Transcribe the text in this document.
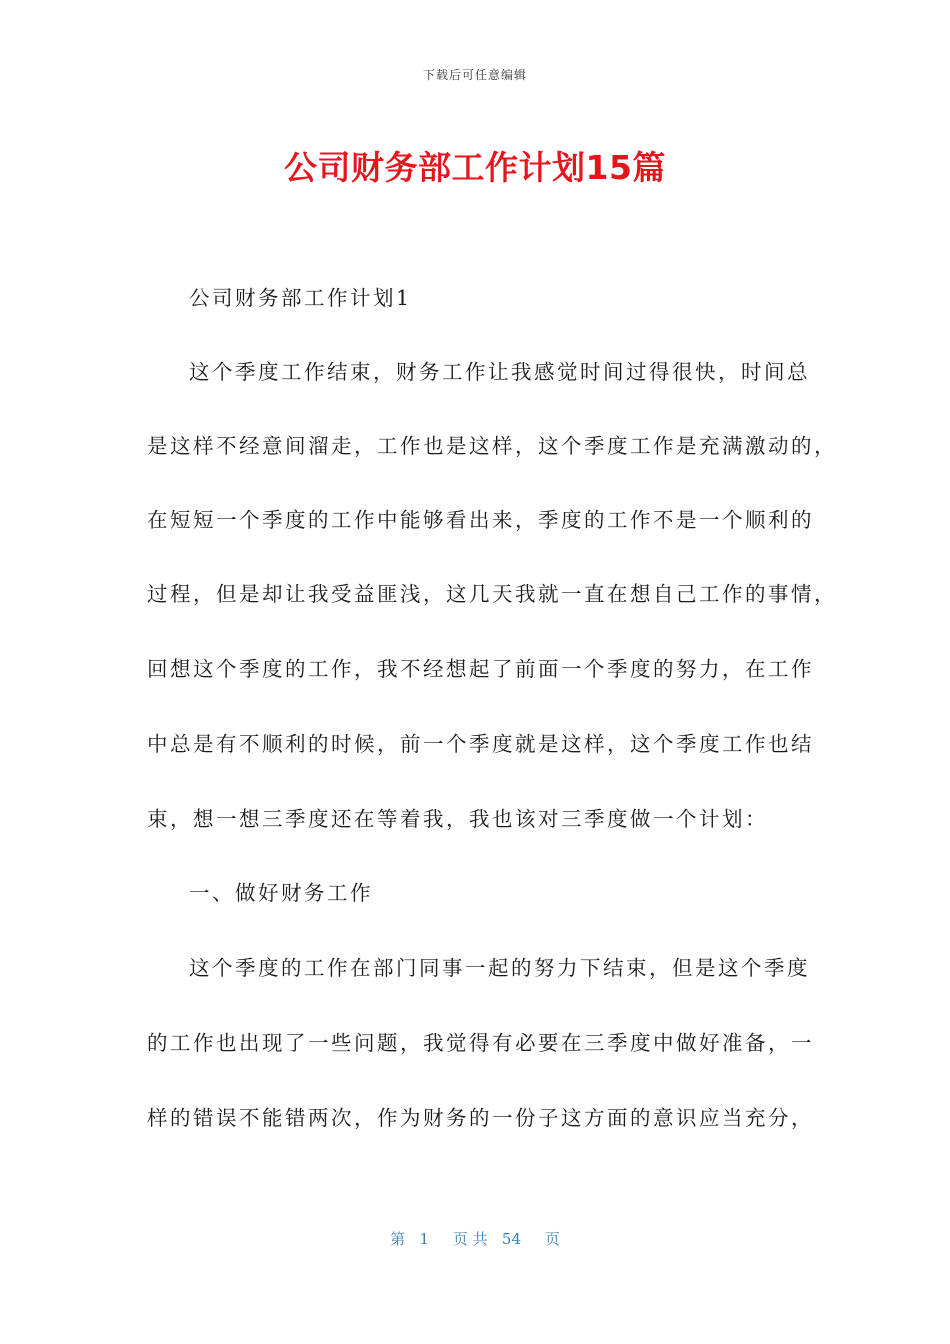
下载后可任意编辑
公司财务部工作计划15篇
公司财务部工作计划1
这个季度工作结束，财务工作让我感觉时间过得很快，时间总
是这样不经意间溜走，工作也是这样，这个季度工作是充满激动的，
在短短一个季度的工作中能够看出来，季度的工作不是一个顺利的
过程，但是却让我受益匪浅，这几天我就一直在想自己工作的事情，
回想这个季度的工作，我不经想起了前面一个季度的努力，在工作
中总是有不顺利的时候，前一个季度就是这样，这个季度工作也结
束，想一想三季度还在等着我，我也该对三季度做一个计划：
一、做好财务工作
这个季度的工作在部门同事一起的努力下结束，但是这个季度
的工作也出现了一些问题，我觉得有必要在三季度中做好准备，一
样的错误不能错两次，作为财务的一份子这方面的意识应当充分，
第   1     页 共   54     页
